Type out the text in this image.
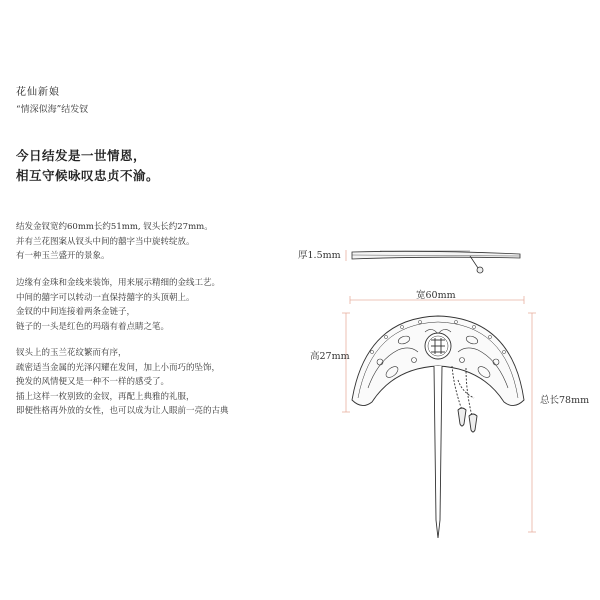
花仙新娘
“情深似海”结发钗
今日结发是一世情恩，
相互守候咏叹忠贞不渝。
结发金钗宽约60mm长约51mm, 钗头长约27mm。
并有兰花图案从钗头中间的囍字当中旋转绽放。
有一种玉兰盛开的景象。
边缘有金珠和金线来装饰，用来展示精细的金线工艺。
中间的囍字可以转动一直保持囍字的头顶朝上。
金钗的中间连接着两条金链子，
链子的一头是红色的玛瑙有着点睛之笔。
钗头上的玉兰花纹繁而有序，
疏密适当金属的光泽闪耀在发间，加上小而巧的坠饰，
挽发的风情便又是一种不一样的感受了。
插上这样一枚别致的金钗，再配上典雅的礼服，
即便性格再外放的女性，也可以成为让人眼前一亮的古典
厚1.5mm
宽60mm
高27mm
总长78mm
